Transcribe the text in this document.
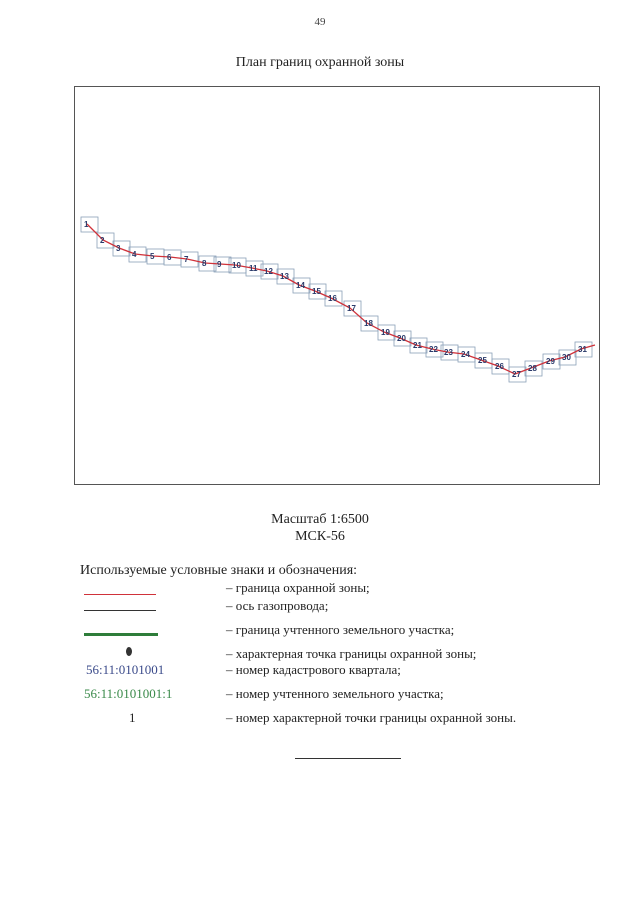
49
План границ охранной зоны
1
2
3
4 5 6 7 8 9 10 11 12
13
14
15
16
17
18
19
20
21 22 23 24
25
26
27
28
29 30
31
Масштаб 1:6500
МСК-56
Используемые условные знаки и обозначения:
– граница охранной зоны;
– ось газопровода;
– граница учтенного земельного участка;
– характерная точка границы охранной зоны;
56:11:0101001	– номер кадастрового квартала;
56:11:0101001:1	– номер учтенного земельного участка;
1	– номер характерной точки границы охранной зоны.
